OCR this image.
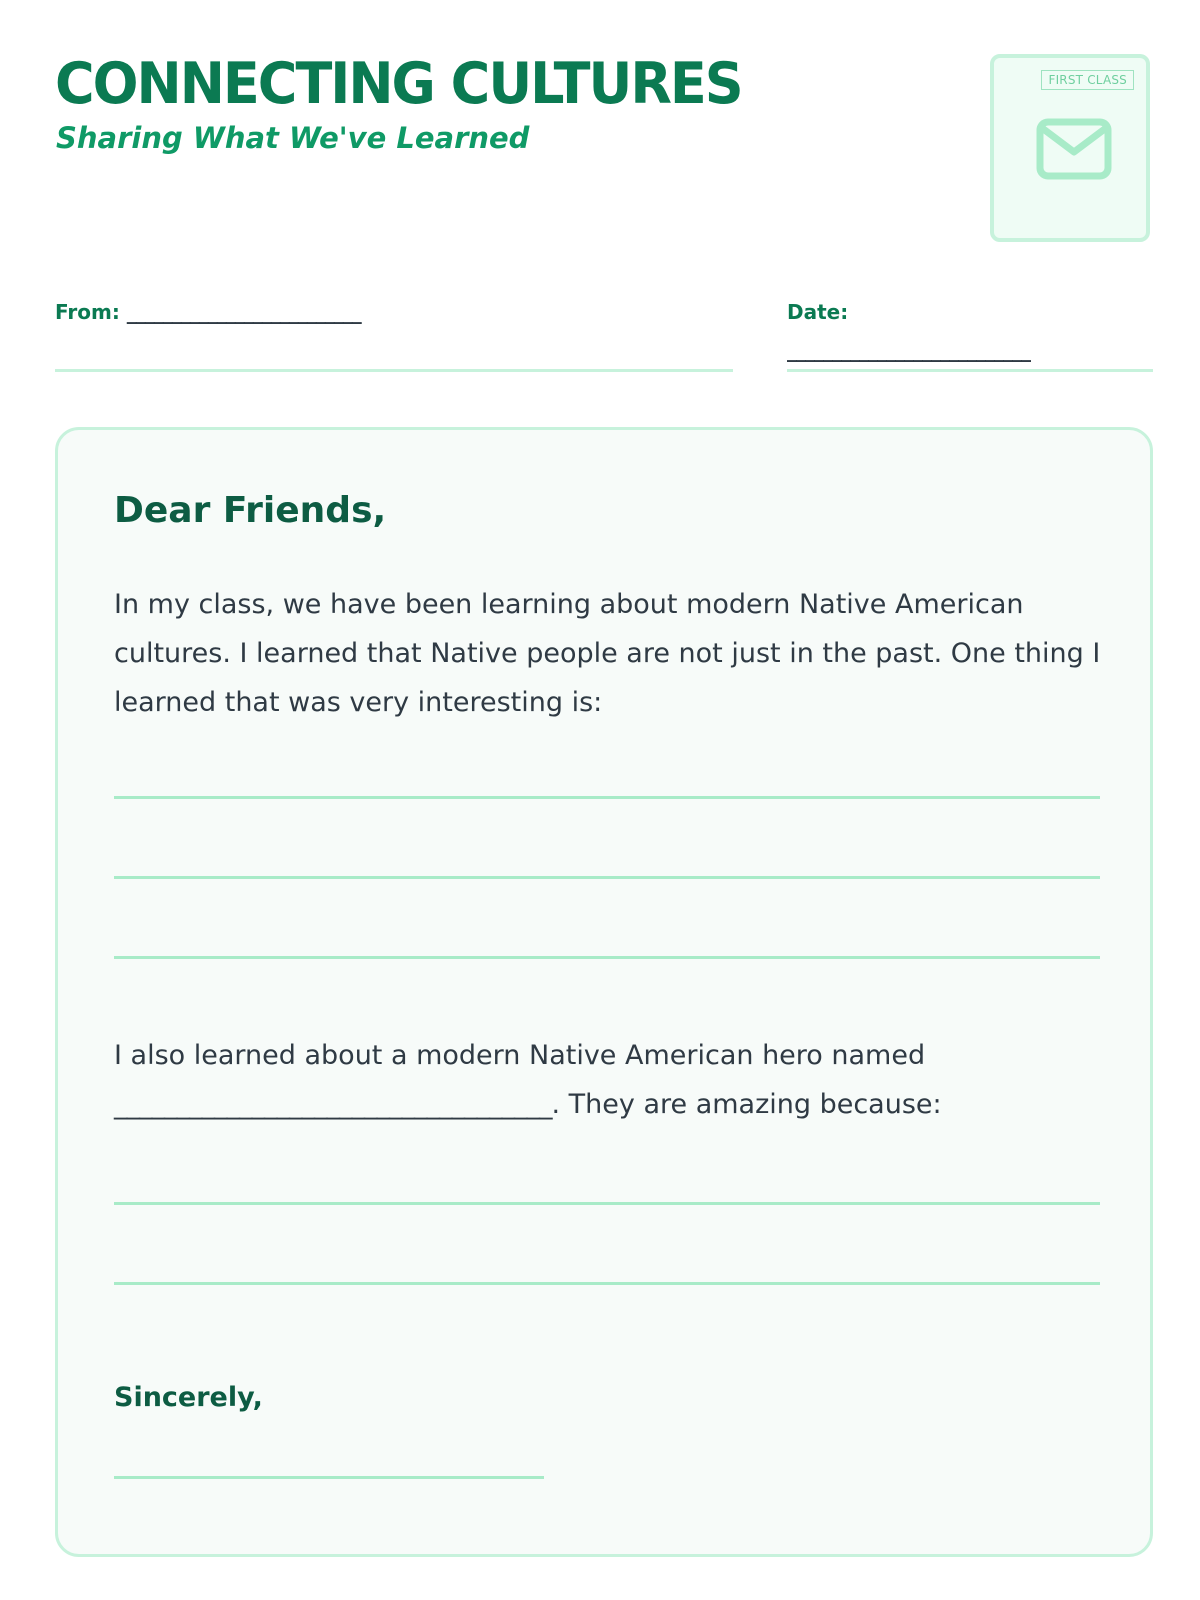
CONNECTING CULTURES
Sharing What We've Learned
FIRST CLASS
From: __________________________	Date:
___________________________
Dear Friends,

In my class, we have been learning about modern Native American cultures. I learned that Native people are not just in the past. One thing I learned that was very interesting is:

I also learned about a modern Native American hero named
___________________________________. They are amazing because:

Sincerely,
